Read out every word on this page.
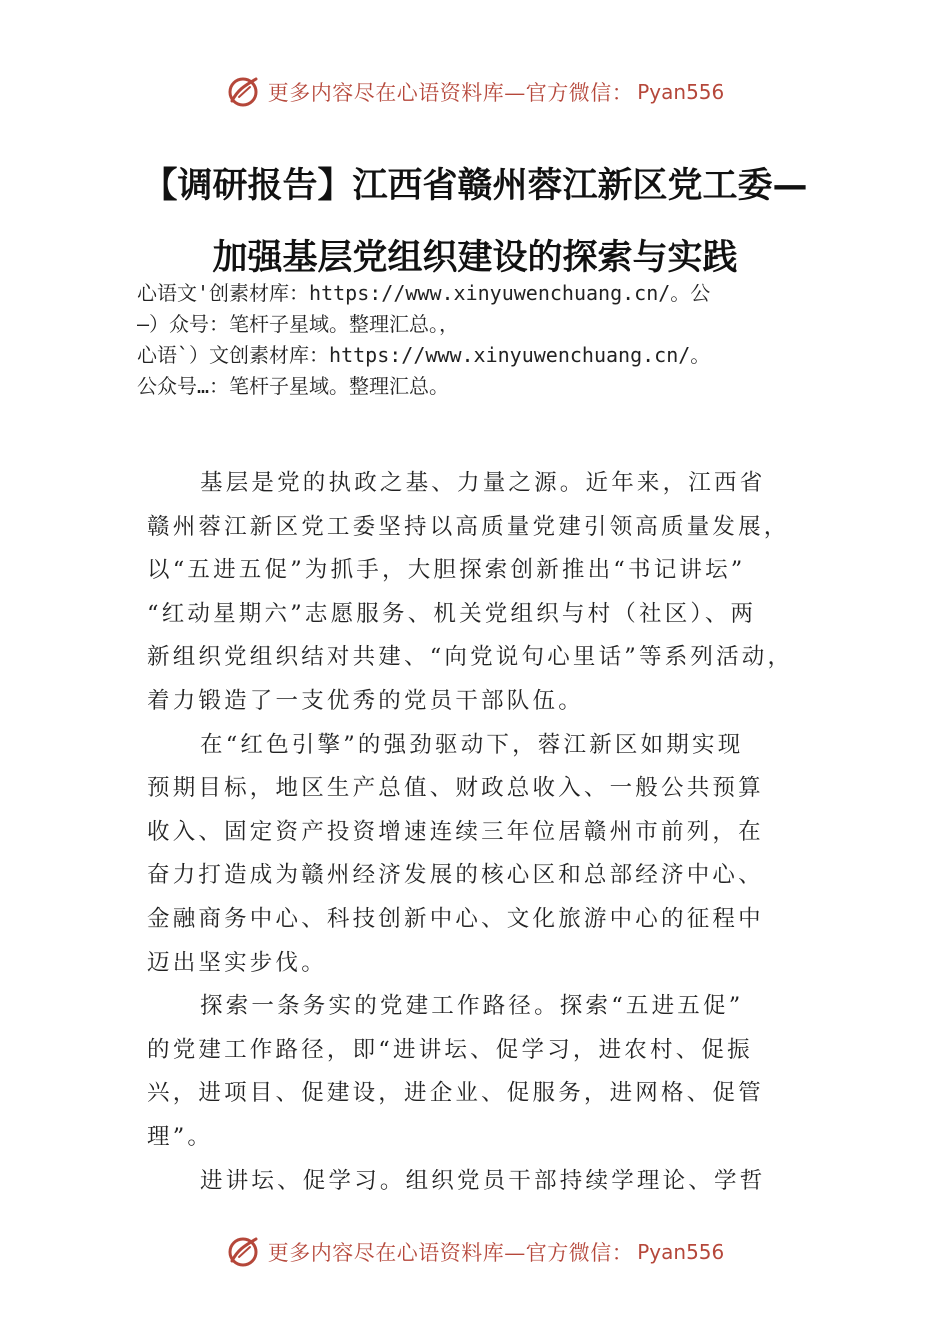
更多内容尽在心语资料库—官方微信： Pyan556
【调研报告】江西省赣州蓉江新区党工委—
加强基层党组织建设的探索与实践
心语文'创素材库：https://www.xinyuwenchuang.cn/。公
—）众号：笔杆子星域。整理汇总。，
心语`）文创素材库：https://www.xinyuwenchuang.cn/。
公众号…：笔杆子星域。整理汇总。
基层是党的执政之基、力量之源。近年来，江西省
赣州蓉江新区党工委坚持以高质量党建引领高质量发展，
以“五进五促”为抓手，大胆探索创新推出“书记讲坛”
“红动星期六”志愿服务、机关党组织与村（社区）、两
新组织党组织结对共建、“向党说句心里话”等系列活动，
着力锻造了一支优秀的党员干部队伍。
在“红色引擎”的强劲驱动下，蓉江新区如期实现
预期目标，地区生产总值、财政总收入、一般公共预算
收入、固定资产投资增速连续三年位居赣州市前列，在
奋力打造成为赣州经济发展的核心区和总部经济中心、
金融商务中心、科技创新中心、文化旅游中心的征程中
迈出坚实步伐。
探索一条务实的党建工作路径。探索“五进五促”
的党建工作路径，即“进讲坛、促学习，进农村、促振
兴，进项目、促建设，进企业、促服务，进网格、促管
理”。
进讲坛、促学习。组织党员干部持续学理论、学哲
更多内容尽在心语资料库—官方微信： Pyan556
